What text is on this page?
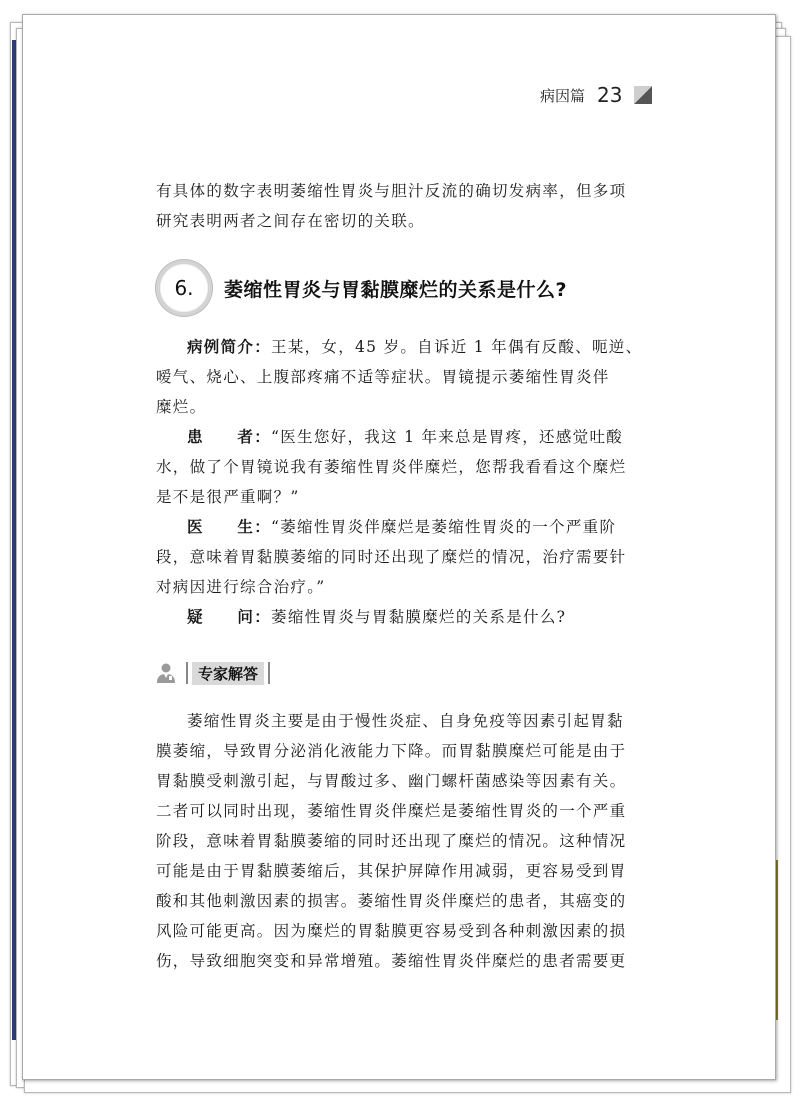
病因篇 23
有具体的数字表明萎缩性胃炎与胆汁反流的确切发病率，但多项
研究表明两者之间存在密切的关联。
6.	萎缩性胃炎与胃黏膜糜烂的关系是什么?
病例简介：王某，女，45 岁。自诉近 1 年偶有反酸、呃逆、
嗳气、烧心、上腹部疼痛不适等症状。胃镜提示萎缩性胃炎伴
糜烂。
患　　者：“医生您好，我这 1 年来总是胃疼，还感觉吐酸
水，做了个胃镜说我有萎缩性胃炎伴糜烂，您帮我看看这个糜烂
是不是很严重啊？”
医　　生：“萎缩性胃炎伴糜烂是萎缩性胃炎的一个严重阶
段，意味着胃黏膜萎缩的同时还出现了糜烂的情况，治疗需要针
对病因进行综合治疗。”
疑　　问：萎缩性胃炎与胃黏膜糜烂的关系是什么?
专家解答
萎缩性胃炎主要是由于慢性炎症、自身免疫等因素引起胃黏
膜萎缩，导致胃分泌消化液能力下降。而胃黏膜糜烂可能是由于
胃黏膜受刺激引起，与胃酸过多、幽门螺杆菌感染等因素有关。
二者可以同时出现，萎缩性胃炎伴糜烂是萎缩性胃炎的一个严重
阶段，意味着胃黏膜萎缩的同时还出现了糜烂的情况。这种情况
可能是由于胃黏膜萎缩后，其保护屏障作用减弱，更容易受到胃
酸和其他刺激因素的损害。萎缩性胃炎伴糜烂的患者，其癌变的
风险可能更高。因为糜烂的胃黏膜更容易受到各种刺激因素的损
伤，导致细胞突变和异常增殖。萎缩性胃炎伴糜烂的患者需要更
